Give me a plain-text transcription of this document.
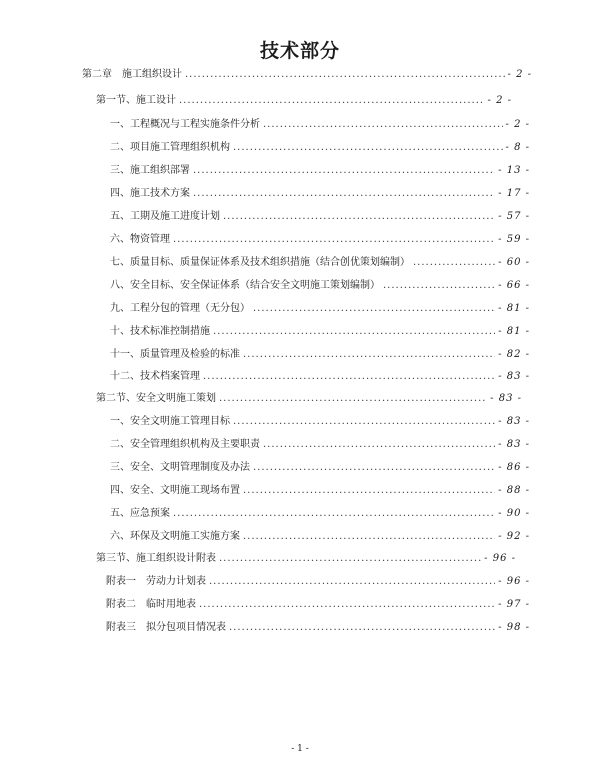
技术部分
第二章　施工组织设计 .....	- 2 -
第一节、施工设计 .....	- 2 -
一、工程概况与工程实施条件分析 .....	- 2 -
二、项目施工管理组织机构 .....	- 8 -
三、施工组织部署 .....	- 13 -
四、施工技术方案 .....	- 17 -
五、工期及施工进度计划 .....	- 57 -
六、物资管理 .....	- 59 -
七、质量目标、质量保证体系及技术组织措施（结合创优策划编制） .....	- 60 -
八、安全目标、安全保证体系（结合安全文明施工策划编制） .....	- 66 -
九、工程分包的管理（无分包） .....	- 81 -
十、技术标准控制措施 .....	- 81 -
十一、质量管理及检验的标准 .....	- 82 -
十二、技术档案管理 .....	- 83 -
第二节、安全文明施工策划 .....	- 83 -
一、安全文明施工管理目标 .....	- 83 -
二、安全管理组织机构及主要职责 .....	- 83 -
三、安全、文明管理制度及办法 .....	- 86 -
四、安全、文明施工现场布置 .....	- 88 -
五、应急预案 .....	- 90 -
六、环保及文明施工实施方案 .....	- 92 -
第三节、施工组织设计附表 .....	- 96 -
附表一　劳动力计划表 .....	- 96 -
附表二　临时用地表 .....	- 97 -
附表三　拟分包项目情况表 .....	- 98 -
- 1 -
